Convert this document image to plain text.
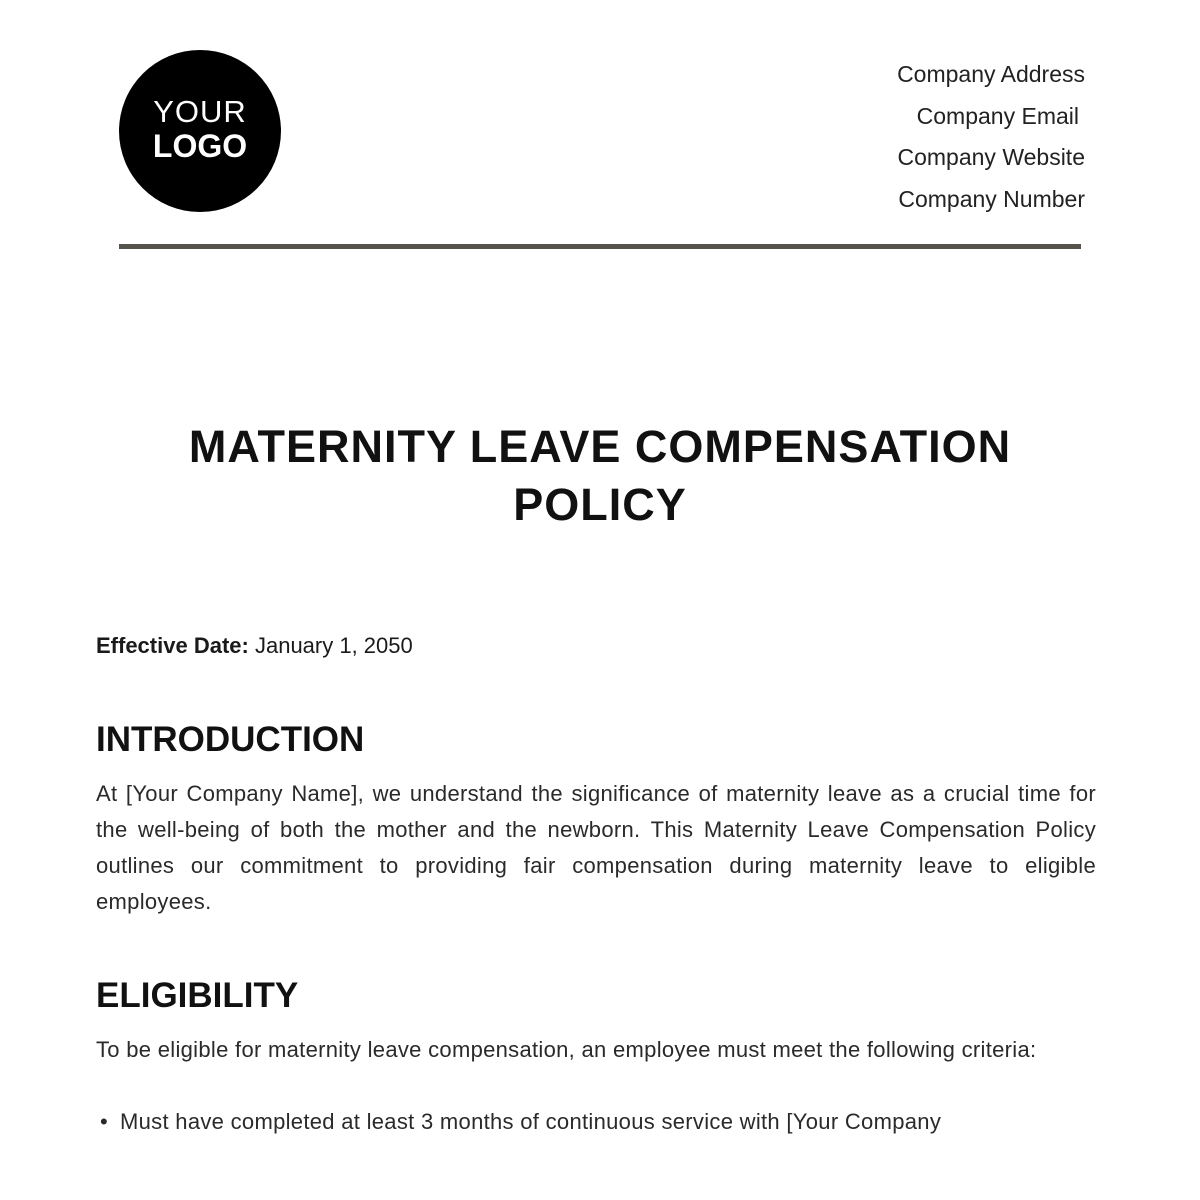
YOUR
LOGO
Company Address
Company Email
Company Website
Company Number
MATERNITY LEAVE COMPENSATION POLICY
Effective Date: January 1, 2050
INTRODUCTION

At [Your Company Name], we understand the significance of maternity leave as a crucial time for the well-being of both the mother and the newborn. This Maternity Leave Compensation Policy outlines our commitment to providing fair compensation during maternity leave to eligible employees.

ELIGIBILITY

To be eligible for maternity leave compensation, an employee must meet the following criteria:

• Must have completed at least 3 months of continuous service with [Your Company
